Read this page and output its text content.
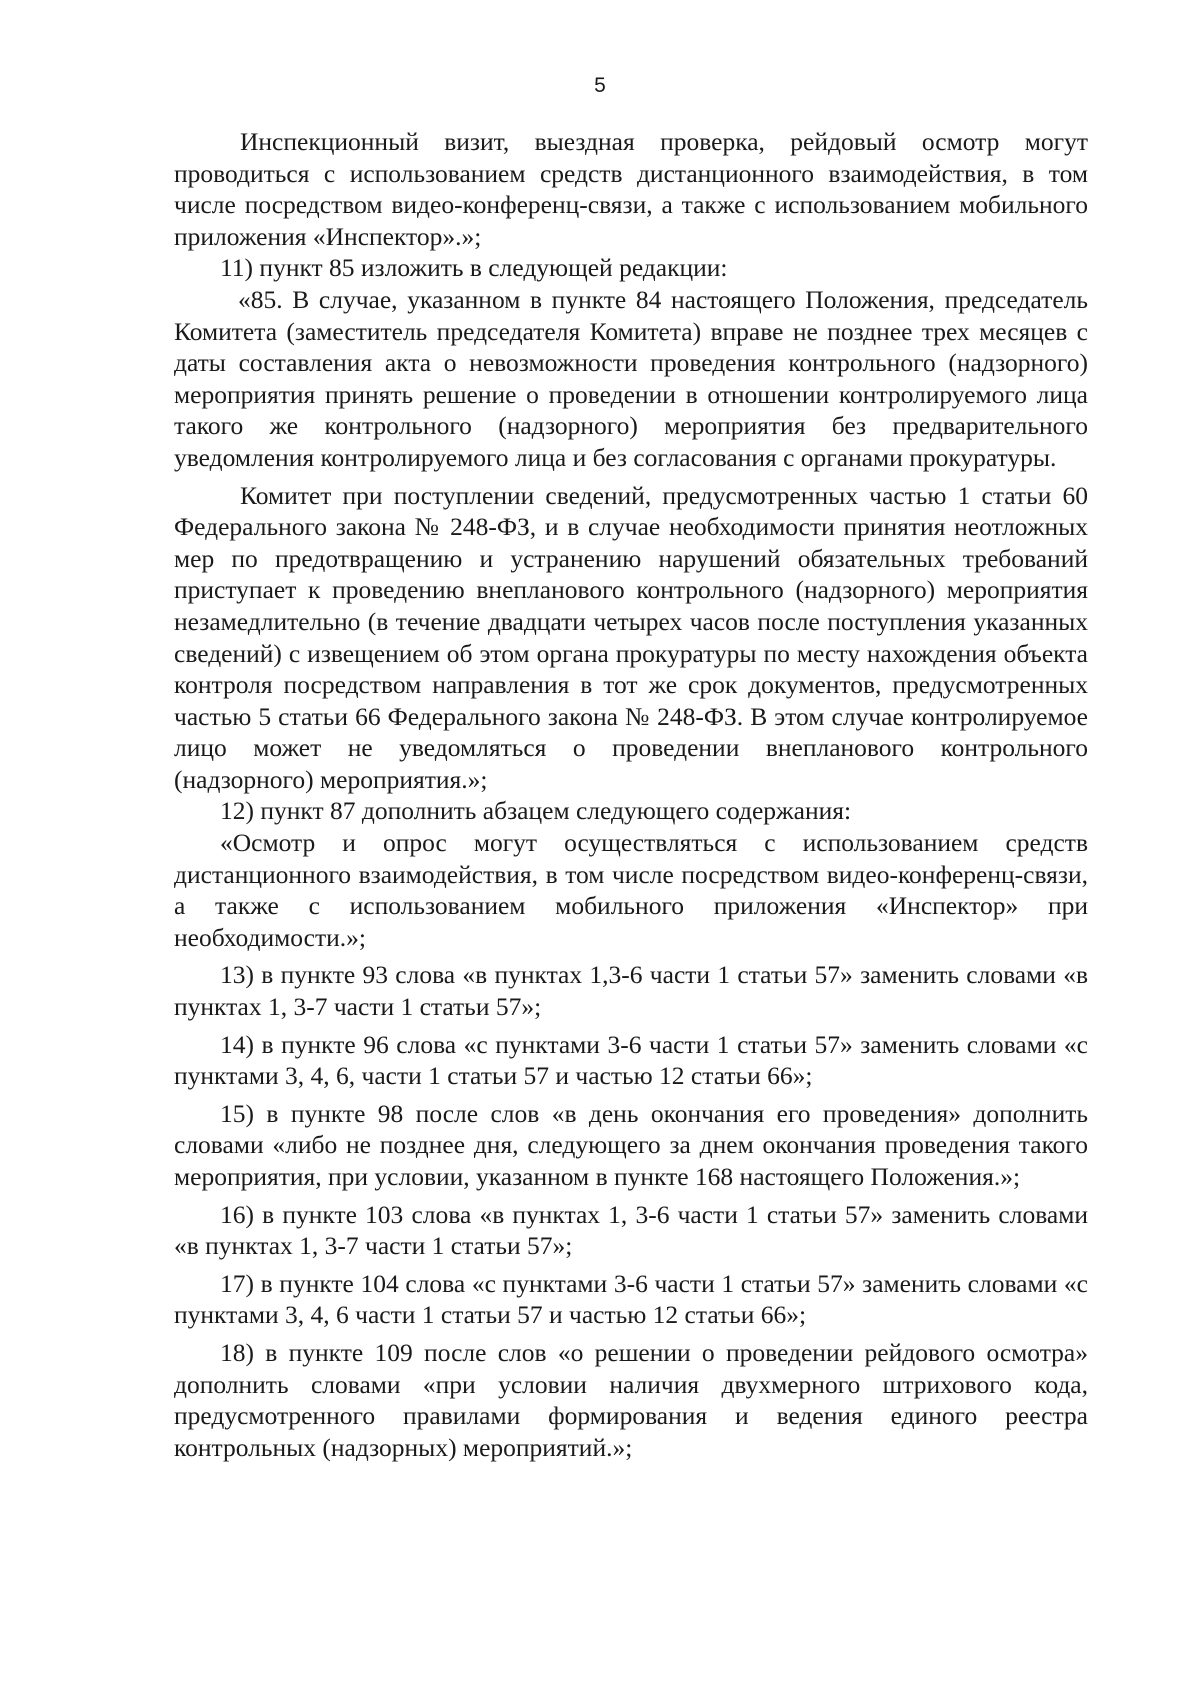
5

Инспекционный визит, выездная проверка, рейдовый осмотр могут проводиться с использованием средств дистанционного взаимодействия, в том числе посредством видео-конференц-связи, а также с использованием мобильного приложения «Инспектор».»;

11) пункт 85 изложить в следующей редакции:

«85. В случае, указанном в пункте 84 настоящего Положения, председатель Комитета (заместитель председателя Комитета) вправе не позднее трех месяцев с даты составления акта о невозможности проведения контрольного (надзорного) мероприятия принять решение о проведении в отношении контролируемого лица такого же контрольного (надзорного) мероприятия без предварительного уведомления контролируемого лица и без согласования с органами прокуратуры.

Комитет при поступлении сведений, предусмотренных частью 1 статьи 60 Федерального закона № 248-ФЗ, и в случае необходимости принятия неотложных мер по предотвращению и устранению нарушений обязательных требований приступает к проведению внепланового контрольного (надзорного) мероприятия незамедлительно (в течение двадцати четырех часов после поступления указанных сведений) с извещением об этом органа прокуратуры по месту нахождения объекта контроля посредством направления в тот же срок документов, предусмотренных частью 5 статьи 66 Федерального закона № 248-ФЗ. В этом случае контролируемое лицо может не уведомляться о проведении внепланового контрольного (надзорного) мероприятия.»;

12) пункт 87 дополнить абзацем следующего содержания:

«Осмотр и опрос могут осуществляться с использованием средств дистанционного взаимодействия, в том числе посредством видео-конференц-связи, а также с использованием мобильного приложения «Инспектор» при необходимости.»;

13) в пункте 93 слова «в пунктах 1,3-6 части 1 статьи 57» заменить словами «в пунктах 1, 3-7 части 1 статьи 57»;

14) в пункте 96 слова «с пунктами 3-6 части 1 статьи 57» заменить словами «с пунктами 3, 4, 6, части 1 статьи 57 и частью 12 статьи 66»;

15) в пункте 98 после слов «в день окончания его проведения» дополнить словами «либо не позднее дня, следующего за днем окончания проведения такого мероприятия, при условии, указанном в пункте 168 настоящего Положения.»;

16) в пункте 103 слова «в пунктах 1, 3-6 части 1 статьи 57» заменить словами «в пунктах 1, 3-7 части 1 статьи 57»;

17) в пункте 104 слова «с пунктами 3-6 части 1 статьи 57» заменить словами «с пунктами 3, 4, 6 части 1 статьи 57 и частью 12 статьи 66»;

18) в пункте 109 после слов «о решении о проведении рейдового осмотра» дополнить словами «при условии наличия двухмерного штрихового кода, предусмотренного правилами формирования и ведения единого реестра контрольных (надзорных) мероприятий.»;
